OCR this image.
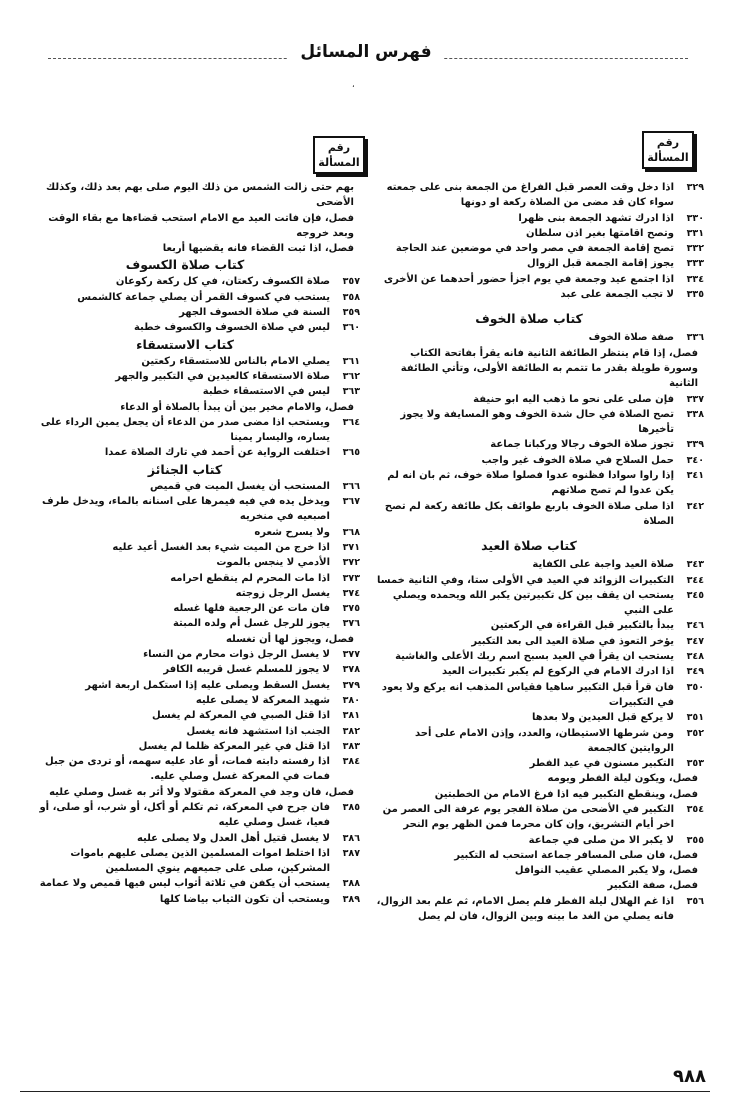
فهرس المسائل
،
رقم
المسألة
رقم
المسألة
٣٢٩
اذا دخل وقت العصر قبل الفراغ من الجمعة بنى على جمعته سواء كان قد مضى من الصلاة ركعة او دونها
٣٣٠
اذا ادرك تشهد الجمعة بنى ظهرا
٣٣١
وتصح اقامتها بغير اذن سلطان
٣٣٢
تصح إقامة الجمعة في مصر واحد في موضعين عند الحاجة
٣٣٣
يجوز إقامة الجمعة قبل الزوال
٣٣٤
اذا اجتمع عيد وجمعة في يوم اجزأ حضور أحدهما عن الأخرى
٣٣٥
لا تجب الجمعة على عبد
كتاب صلاة الخوف
٣٣٦
صفة صلاة الخوف
فصل، إذا قام ينتظر الطائفة الثانية فانه يقرأ بفاتحة الكتاب وسورة طويلة بقدر ما تتمم به الطائفة الأولى، وتأتي الطائفة الثانية
٣٣٧
فإن صلى على نحو ما ذهب اليه ابو حنيفة
٣٣٨
تصح الصلاة في حال شدة الخوف وهو المسايفة ولا يجوز تأخيرها
٣٣٩
تجوز صلاة الخوف رجالا وركبانا جماعة
٣٤٠
حمل السلاح في صلاة الخوف غير واجب
٣٤١
إذا راوا سوادا فظنوه عدوا فصلوا صلاة خوف، ثم بان انه لم يكن عدوا لم تصح صلاتهم
٣٤٢
اذا صلى صلاة الخوف باربع طوائف بكل طائفة ركعة لم تصح الصلاة
كتاب صلاة العيد
٣٤٣
صلاة العيد واجبة على الكفاية
٣٤٤
التكبيرات الزوائد في العيد في الأولى ستا، وفي الثانية خمسا
٣٤٥
يستحب ان يقف بين كل تكبيرتين يكبر الله ويحمده ويصلي على النبي
٣٤٦
يبدأ بالتكبير قبل القراءة في الركعتين
٣٤٧
يؤخر التعوذ في صلاة العيد الى بعد التكبير
٣٤٨
يستحب ان يقرأ في العيد بسبح اسم ربك الأعلى والغاشية
٣٤٩
اذا ادرك الامام في الركوع لم يكبر تكبيرات العيد
٣٥٠
فان قرأ قبل التكبير ساهيا فقياس المذهب انه يركع ولا يعود في التكبيرات
٣٥١
لا يركع قبل العيدين ولا بعدها
٣٥٢
ومن شرطها الاستيطان، والعدد، وإذن الامام على أحد الروايتين كالجمعة
٣٥٣
التكبير مسنون في عيد الفطر
فصل، ويكون ليلة الفطر ويومه
فصل، وينقطع التكبير فيه اذا فرغ الامام من الخطبتين
٣٥٤
التكبير في الأضحى من صلاة الفجر يوم عرفة الى العصر من اخر أيام التشريق، وإن كان محرما فمن الظهر يوم النحر
٣٥٥
لا يكبر الا من صلى في جماعة
فصل، فان صلى المسافر جماعة استحب له التكبير
فصل، ولا يكبر المصلي عقيب النوافل
فصل، صفة التكبير
٣٥٦
اذا غم الهلال ليلة الفطر فلم يصل الامام، ثم علم بعد الزوال، فانه يصلي من الغد ما بينه وبين الزوال، فان لم يصل
بهم حتى زالت الشمس من ذلك اليوم صلى بهم بعد ذلك، وكذلك الأضحى
فصل، فإن فاتت العيد مع الامام استحب قضاءها مع بقاء الوقت وبعد خروجه
فصل، اذا ثبت القضاء فانه يقضيها أربعا
كتاب صلاة الكسوف
٣٥٧
صلاة الكسوف ركعتان، في كل ركعة ركوعان
٣٥٨
يستحب في كسوف القمر أن يصلي جماعة كالشمس
٣٥٩
السنة في صلاة الخسوف الجهر
٣٦٠
ليس في صلاة الخسوف والكسوف خطبة
كتاب الاستسقاء
٣٦١
يصلي الامام بالناس للاستسقاء ركعتين
٣٦٢
صلاة الاستسقاء كالعيدين في التكبير والجهر
٣٦٣
ليس في الاستسقاء خطبة
فصل، والامام مخير بين أن يبدأ بالصلاة أو الدعاء
٣٦٤
ويستحب اذا مضى صدر من الدعاء أن يجعل يمين الرداء على يساره، واليسار يمينا
٣٦٥
اختلفت الرواية عن أحمد في تارك الصلاة عمدا
كتاب الجنائز
٣٦٦
المستحب أن يغسل الميت في قميص
٣٦٧
ويدخل يده في فيه فيمرها على اسنانه بالماء، ويدخل طرف اصبعيه في منخريه
٣٦٨
ولا يسرح شعره
٣٧١
اذا خرج من الميت شيء بعد الغسل أعيد عليه
٣٧٢
الأدمي لا ينجس بالموت
٣٧٣
اذا مات المحرم لم ينقطع احرامه
٣٧٤
يغسل الرجل زوجته
٣٧٥
فان مات عن الرجعية فلها غسله
٣٧٦
يجوز للرجل غسل أم ولده المبتة
فصل، ويجوز لها أن تغسله
٣٧٧
لا يغسل الرجل ذوات محارم من النساء
٣٧٨
لا يجوز للمسلم غسل قريبه الكافر
٣٧٩
يغسل السقط ويصلى عليه إذا استكمل اربعة اشهر
٣٨٠
شهيد المعركة لا يصلى عليه
٣٨١
اذا قتل الصبي في المعركة لم يغسل
٣٨٢
الجنب اذا استشهد فانه يغسل
٣٨٣
اذا قتل في غير المعركة ظلما لم يغسل
٣٨٤
اذا رفسته دابته فمات، أو عاد عليه سهمه، أو تردى من جبل فمات في المعركة غسل وصلي عليه.
فصل، فان وجد في المعركة مقتولا ولا أثر به غسل وصلي عليه
٣٨٥
فان جرح في المعركة، ثم تكلم أو أكل، أو شرب، أو صلى، أو فعيا، غسل وصلي عليه
٣٨٦
لا يغسل قتيل أهل العدل ولا يصلى عليه
٣٨٧
اذا اختلط اموات المسلمين الذين يصلى عليهم باموات المشركين، صلى على جميعهم ينوي المسلمين
٣٨٨
يستحب أن يكفن في ثلاثة أثواب ليس فيها قميص ولا عمامة
٣٨٩
ويستحب أن تكون الثياب بياضا كلها
٩٨٨
